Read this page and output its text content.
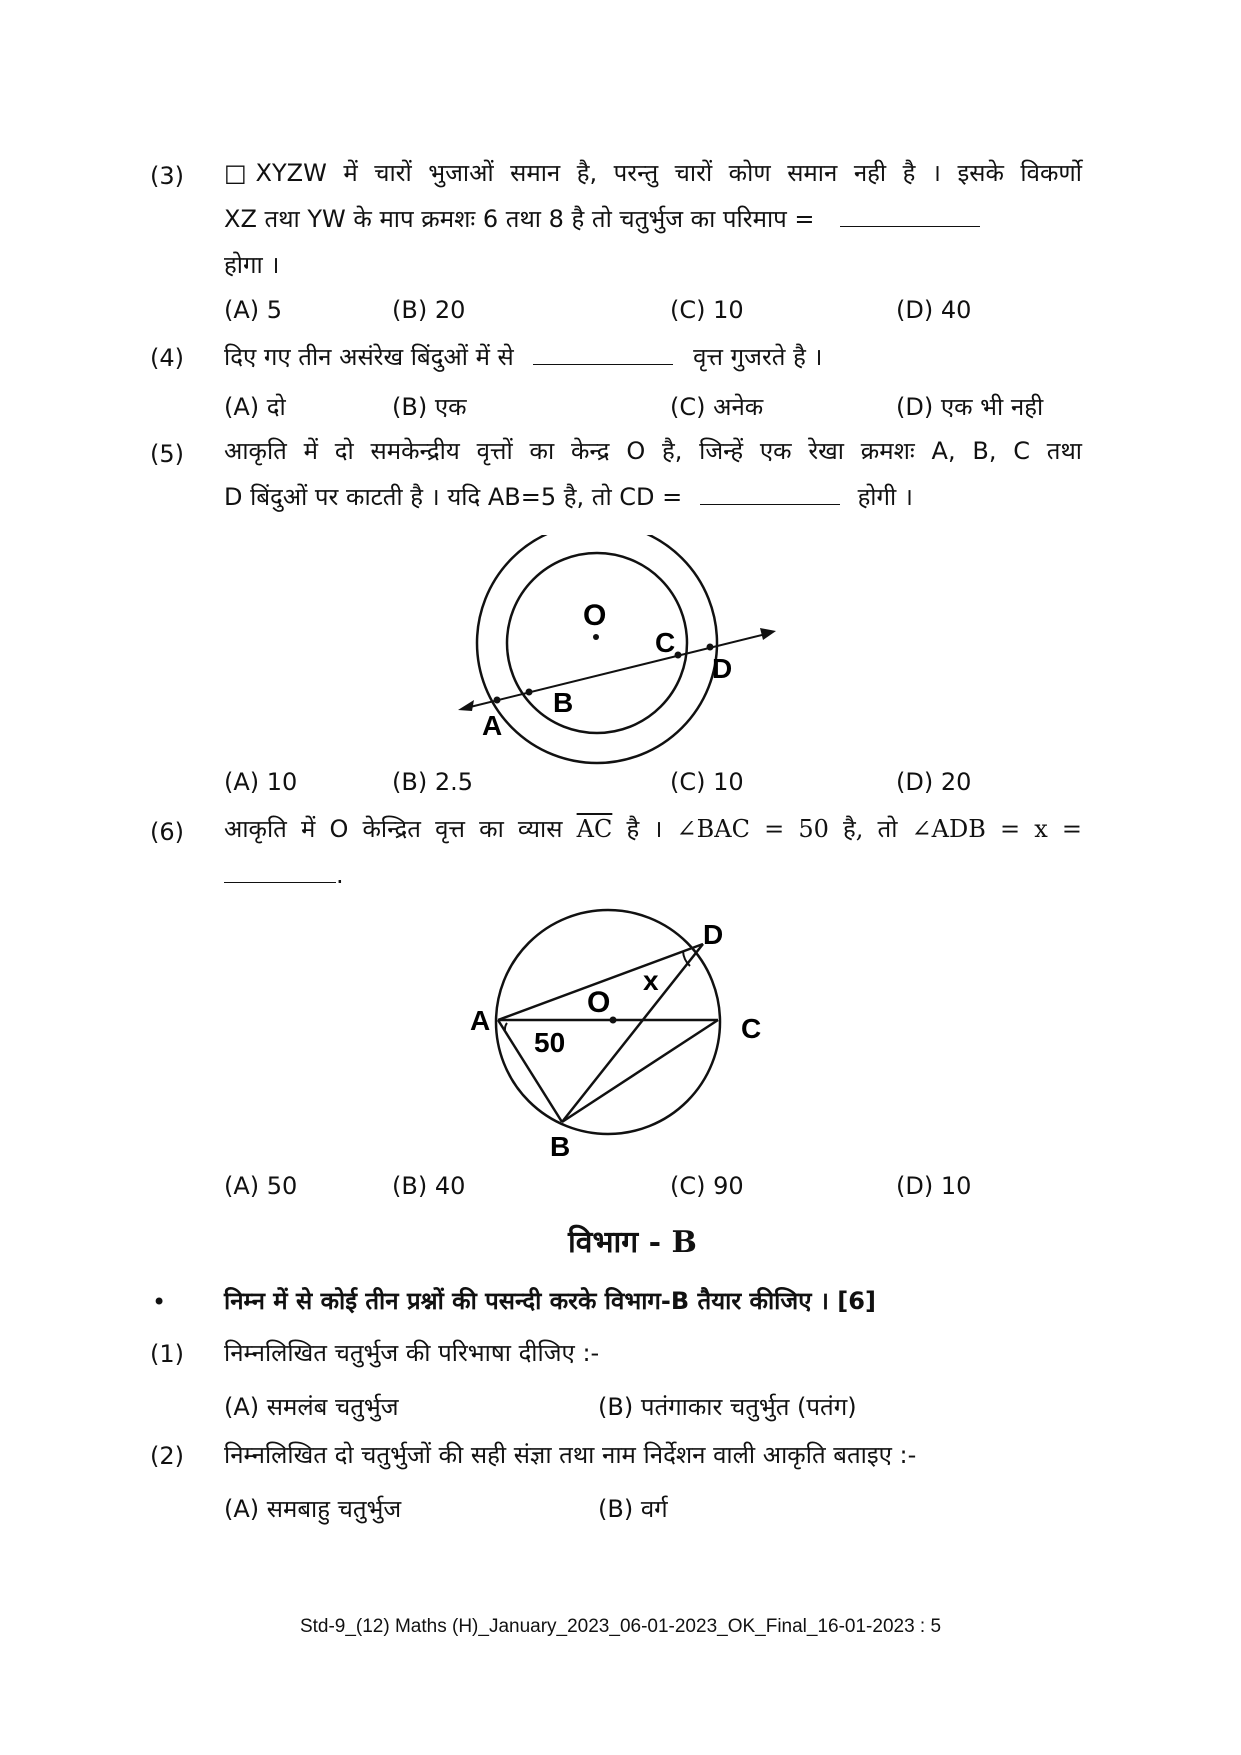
(3) □XYZW में चारों भुजाओं समान है, परन्तु चारों कोण समान नही है । इसके विकर्णो
XZ तथा YW के माप क्रमशः 6 तथा 8 है तो चतुर्भुज का परिमाप =
होगा ।
(A) 5	(B) 20	(C) 10	(D) 40
(4) दिए गए तीन असंरेख बिंदुओं में से	वृत्त गुजरते है ।
(A) दो	(B) एक	(C) अनेक	(D) एक भी नही
(5) आकृति में दो समकेन्द्रीय वृत्तों का केन्द्र O है, जिन्हें एक रेखा क्रमशः A, B, C तथा
D बिंदुओं पर काटती है । यदि AB=5 है, तो CD =	होगी ।
O
A
B
C
D
(A) 10	(B) 2.5	(C) 10	(D) 20
(6) आकृति में O केन्द्रित वृत्त का व्यास $\overline{AC}$ है । ∠BAC = 50 है, तो ∠ADB = x =
.
A
B
C
D
O
x
50
(A) 50	(B) 40	(C) 90	(D) 10
विभाग - B
• निम्न में से कोई तीन प्रश्नों की पसन्दी करके विभाग-B तैयार कीजिए । [6]
(1) निम्नलिखित चतुर्भुज की परिभाषा दीजिए :-
(A) समलंब चतुर्भुज	(B) पतंगाकार चतुर्भुत (पतंग)
(2) निम्नलिखित दो चतुर्भुजों की सही संज्ञा तथा नाम निर्देशन वाली आकृति बताइए :-
(A) समबाहु चतुर्भुज	(B) वर्ग
Std-9_(12) Maths (H)_January_2023_06-01-2023_OK_Final_16-01-2023 : 5
